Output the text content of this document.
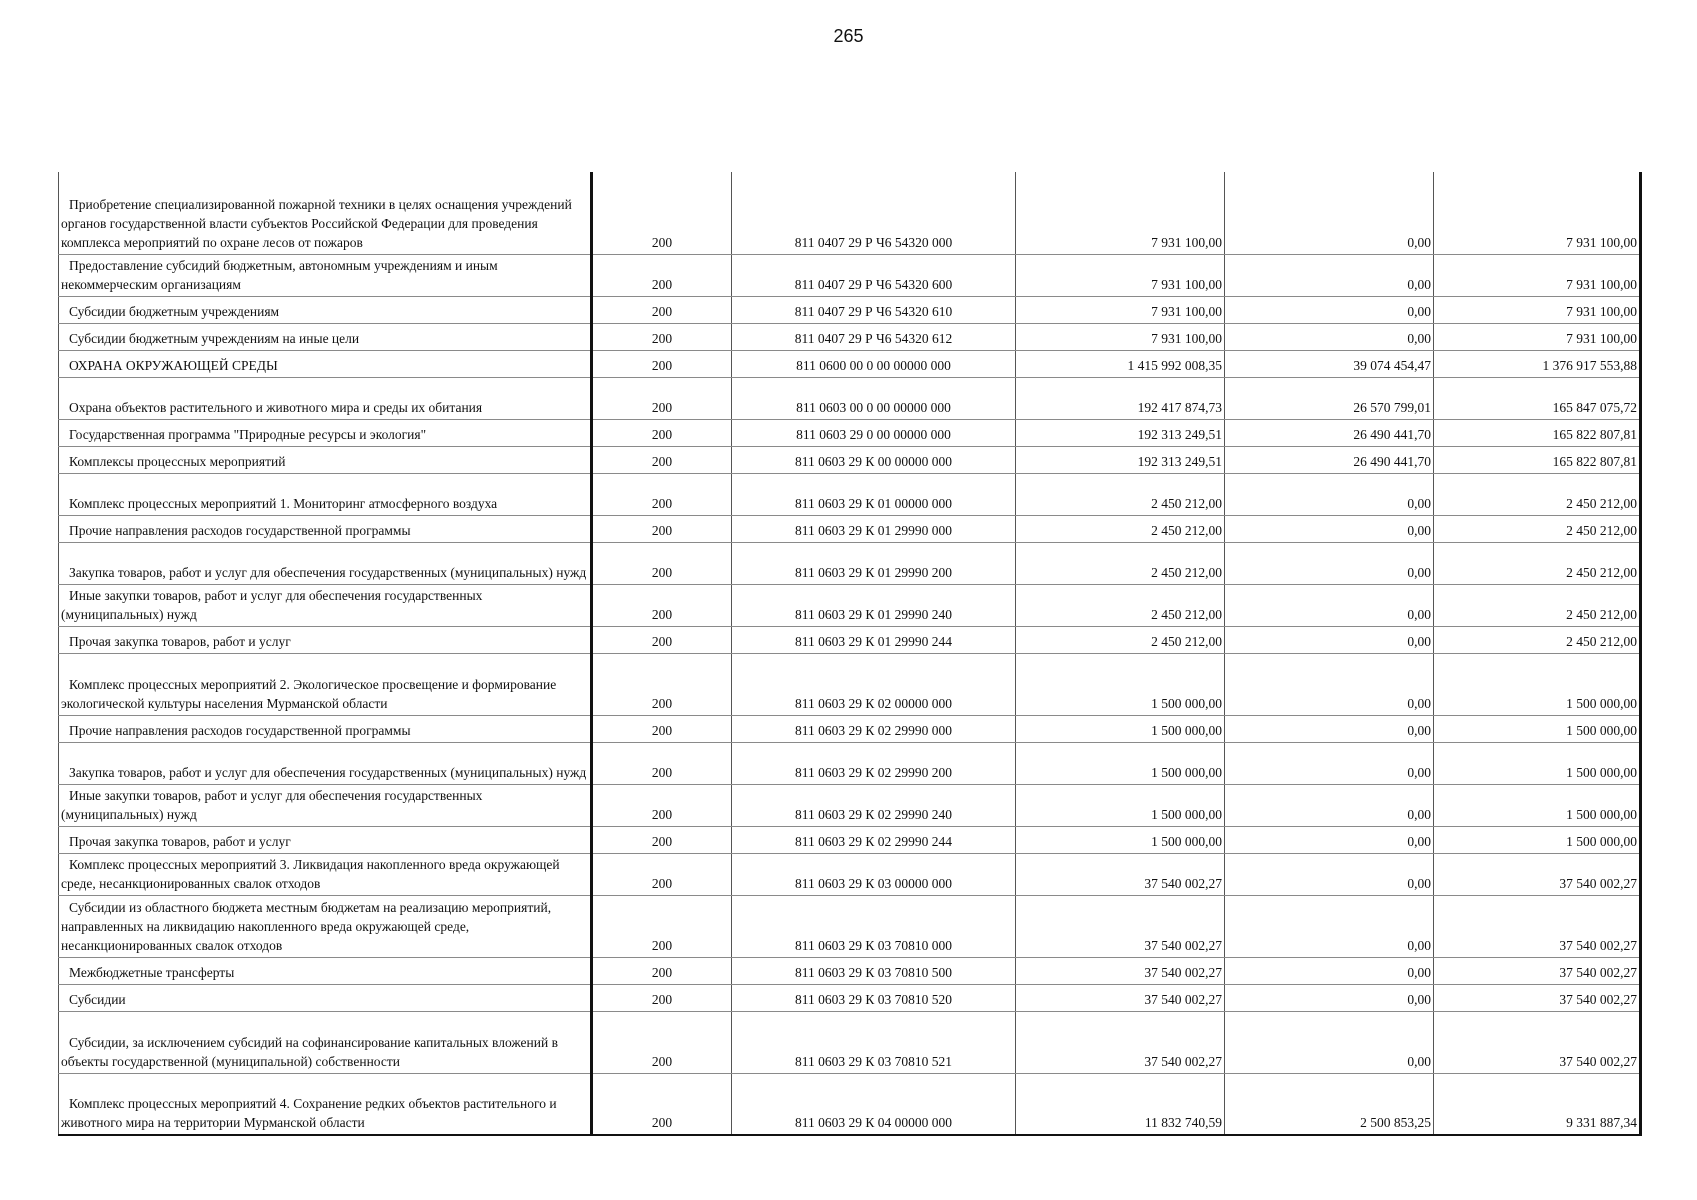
265
Приобретение специализированной пожарной техники в целях оснащения учреждений органов государственной власти субъектов Российской Федерации для проведения комплекса мероприятий по охране лесов от пожаров	200	811 0407 29 Р Ч6 54320 000	7 931 100,00	0,00	7 931 100,00

Предоставление субсидий бюджетным, автономным учреждениям и иным некоммерческим организациям	200	811 0407 29 Р Ч6 54320 600	7 931 100,00	0,00	7 931 100,00

Субсидии бюджетным учреждениям	200	811 0407 29 Р Ч6 54320 610	7 931 100,00	0,00	7 931 100,00

Субсидии бюджетным учреждениям на иные цели	200	811 0407 29 Р Ч6 54320 612	7 931 100,00	0,00	7 931 100,00

ОХРАНА ОКРУЖАЮЩЕЙ СРЕДЫ	200	811 0600 00 0 00 00000 000	1 415 992 008,35	39 074 454,47	1 376 917 553,88

Охрана объектов растительного и животного мира и среды их обитания	200	811 0603 00 0 00 00000 000	192 417 874,73	26 570 799,01	165 847 075,72

Государственная программа "Природные ресурсы и экология"	200	811 0603 29 0 00 00000 000	192 313 249,51	26 490 441,70	165 822 807,81

Комплексы процессных мероприятий	200	811 0603 29 К 00 00000 000	192 313 249,51	26 490 441,70	165 822 807,81

Комплекс процессных мероприятий 1. Мониторинг атмосферного воздуха	200	811 0603 29 К 01 00000 000	2 450 212,00	0,00	2 450 212,00

Прочие направления расходов государственной программы	200	811 0603 29 К 01 29990 000	2 450 212,00	0,00	2 450 212,00

Закупка товаров, работ и услуг для обеспечения государственных (муниципальных) нужд	200	811 0603 29 К 01 29990 200	2 450 212,00	0,00	2 450 212,00

Иные закупки товаров, работ и услуг для обеспечения государственных (муниципальных) нужд	200	811 0603 29 К 01 29990 240	2 450 212,00	0,00	2 450 212,00

Прочая закупка товаров, работ и услуг	200	811 0603 29 К 01 29990 244	2 450 212,00	0,00	2 450 212,00

Комплекс процессных мероприятий 2. Экологическое просвещение и формирование экологической культуры населения Мурманской области	200	811 0603 29 К 02 00000 000	1 500 000,00	0,00	1 500 000,00

Прочие направления расходов государственной программы	200	811 0603 29 К 02 29990 000	1 500 000,00	0,00	1 500 000,00

Закупка товаров, работ и услуг для обеспечения государственных (муниципальных) нужд	200	811 0603 29 К 02 29990 200	1 500 000,00	0,00	1 500 000,00

Иные закупки товаров, работ и услуг для обеспечения государственных (муниципальных) нужд	200	811 0603 29 К 02 29990 240	1 500 000,00	0,00	1 500 000,00

Прочая закупка товаров, работ и услуг	200	811 0603 29 К 02 29990 244	1 500 000,00	0,00	1 500 000,00

Комплекс процессных мероприятий 3. Ликвидация накопленного вреда окружающей среде, несанкционированных свалок отходов	200	811 0603 29 К 03 00000 000	37 540 002,27	0,00	37 540 002,27

Субсидии из областного бюджета местным бюджетам на реализацию мероприятий, направленных на ликвидацию накопленного вреда окружающей среде, несанкционированных свалок отходов	200	811 0603 29 К 03 70810 000	37 540 002,27	0,00	37 540 002,27

Межбюджетные трансферты	200	811 0603 29 К 03 70810 500	37 540 002,27	0,00	37 540 002,27

Субсидии	200	811 0603 29 К 03 70810 520	37 540 002,27	0,00	37 540 002,27

Субсидии, за исключением субсидий на софинансирование капитальных вложений в объекты государственной (муниципальной) собственности	200	811 0603 29 К 03 70810 521	37 540 002,27	0,00	37 540 002,27

Комплекс процессных мероприятий 4. Сохранение редких объектов растительного и животного мира на территории Мурманской области	200	811 0603 29 К 04 00000 000	11 832 740,59	2 500 853,25	9 331 887,34
